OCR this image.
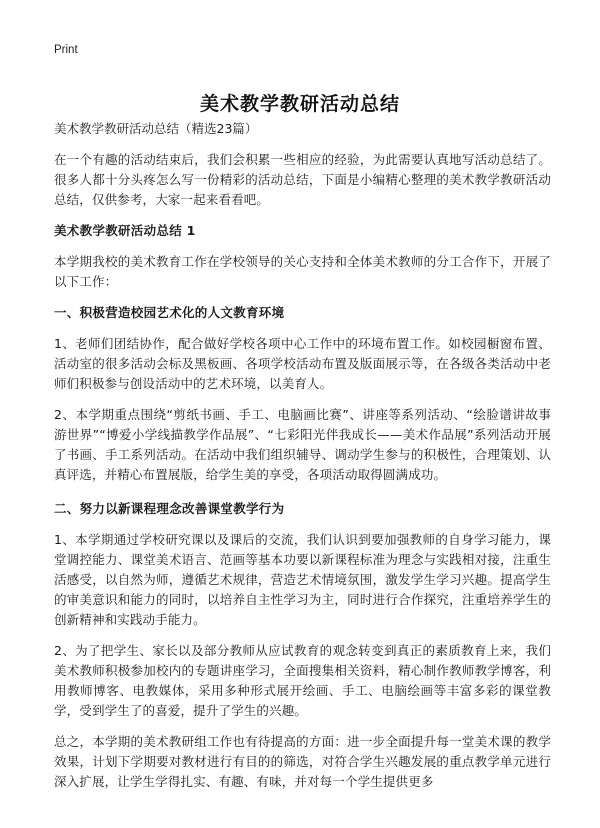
Print
美术教学教研活动总结
美术教学教研活动总结（精选23篇）

在一个有趣的活动结束后，我们会积累一些相应的经验，为此需要认真地写活动总结了。很多人都十分头疼怎么写一份精彩的活动总结，下面是小编精心整理的美术教学教研活动总结，仅供参考，大家一起来看看吧。

美术教学教研活动总结 1

本学期我校的美术教育工作在学校领导的关心支持和全体美术教师的分工合作下，开展了以下工作：

一、积极营造校园艺术化的人文教育环境

1、老师们团结协作，配合做好学校各项中心工作中的环境布置工作。如校园橱窗布置、活动室的很多活动会标及黑板画、各项学校活动布置及版面展示等，在各级各类活动中老师们积极参与创设活动中的艺术环境，以美育人。

2、本学期重点围绕“剪纸书画、手工、电脑画比赛”、讲座等系列活动、“绘脸谱讲故事 游世界”“博爱小学线描教学作品展”、“七彩阳光伴我成长——美术作品展”系列活动开展了书画、手工系列活动。在活动中我们组织辅导、调动学生参与的积极性，合理策划、认真评选，并精心布置展版，给学生美的享受，各项活动取得圆满成功。

二、努力以新课程理念改善课堂教学行为

1、本学期通过学校研究课以及课后的交流，我们认识到要加强教师的自身学习能力，课堂调控能力、课堂美术语言、范画等基本功要以新课程标准为理念与实践相对接，注重生活感受，以自然为师，遵循艺术规律，营造艺术情境氛围，激发学生学习兴趣。提高学生的审美意识和能力的同时，以培养自主性学习为主，同时进行合作探究，注重培养学生的创新精神和实践动手能力。

2、为了把学生、家长以及部分教师从应试教育的观念转变到真正的素质教育上来，我们美术教师积极参加校内的专题讲座学习，全面搜集相关资料，精心制作教师教学博客，利用教师博客、电教媒体，采用多种形式展开绘画、手工、电脑绘画等丰富多彩的课堂教学，受到学生了的喜爱，提升了学生的兴趣。

总之，本学期的美术教研组工作也有待提高的方面：进一步全面提升每一堂美术课的教学效果，计划下学期要对教材进行有目的的筛选，对符合学生兴趣发展的重点教学单元进行深入扩展，让学生学得扎实、有趣、有味，并对每一个学生提供更多
